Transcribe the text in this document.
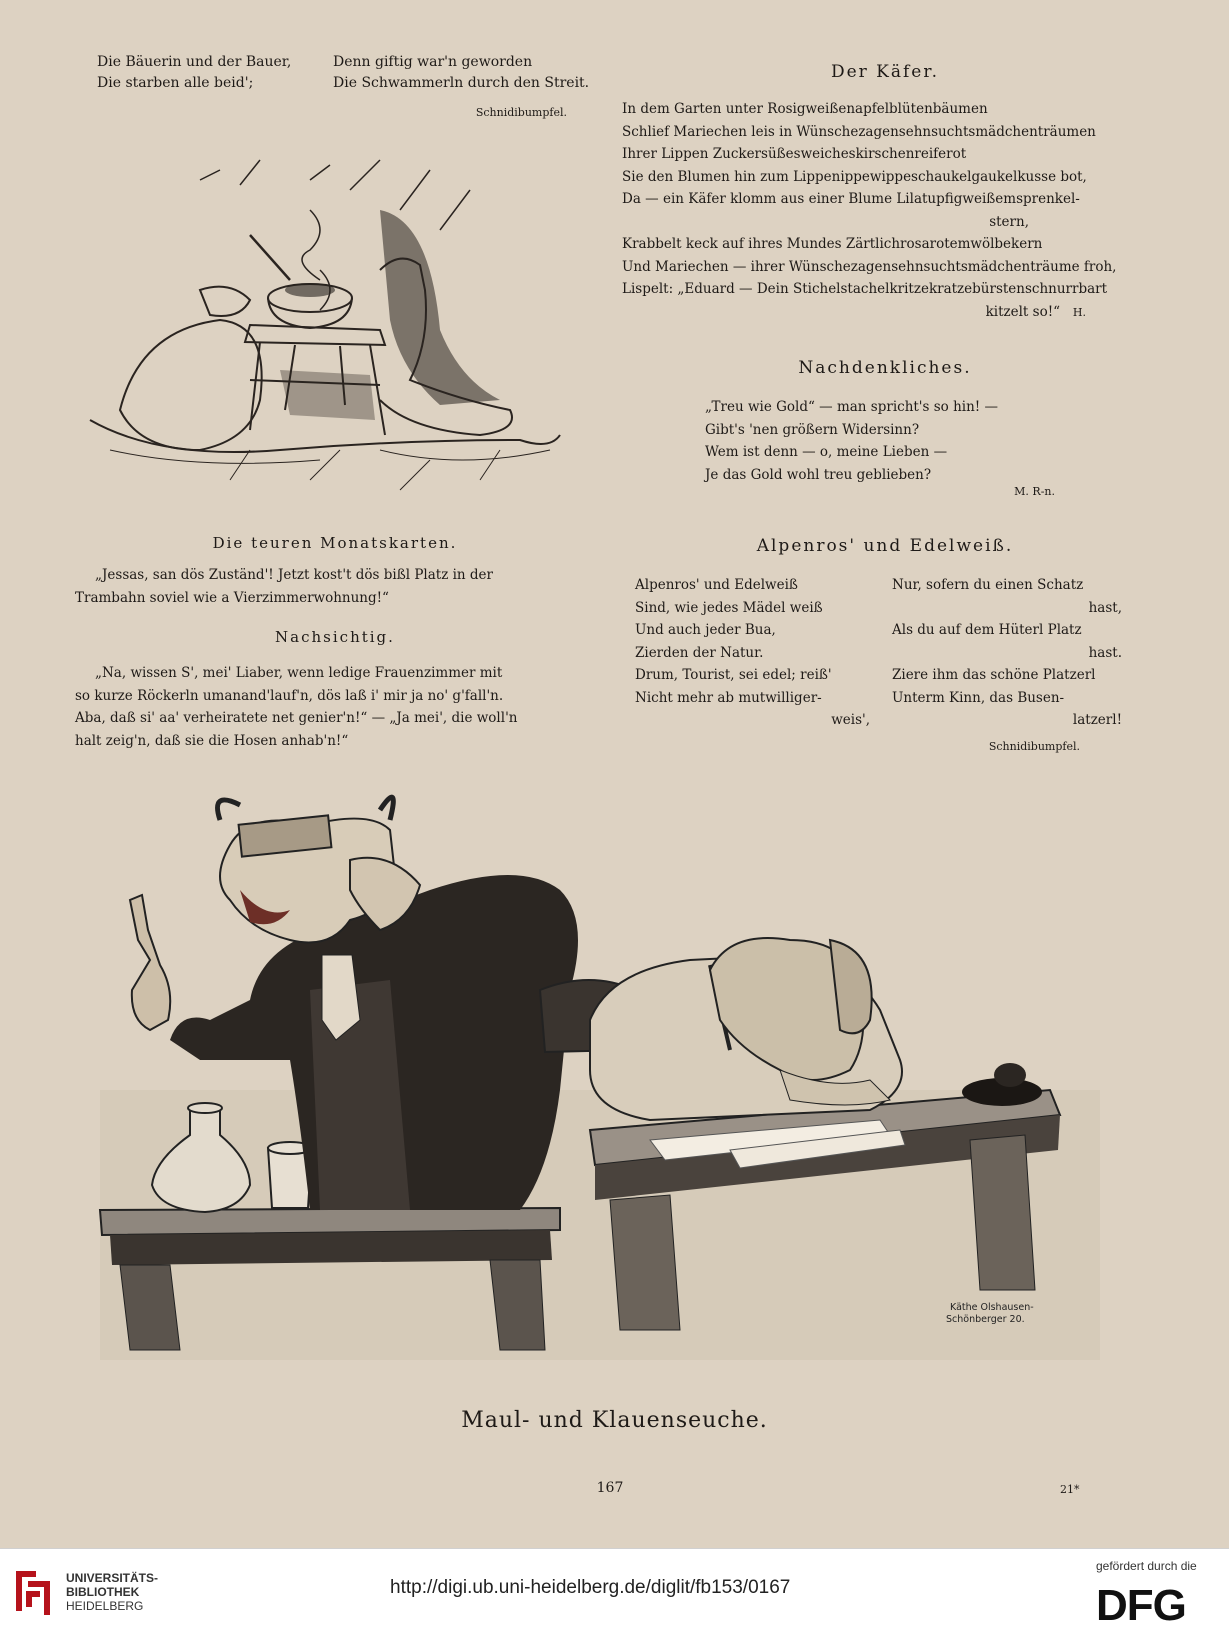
Die Bäuerin und der Bauer,
Die starben alle beid';
Denn giftig war'n geworden
Die Schwammerln durch den Streit.
Schnidibumpfel.
Der Käfer.
In dem Garten unter Rosigweißenapfelblütenbäumen
Schlief Mariechen leis in Wünschezagensehnsuchtsmädchenträumen
Ihrer Lippen Zuckersüßesweicheskirschenreiferot
Sie den Blumen hin zum Lippenippewippeschaukelgaukelkusse bot,
Da — ein Käfer klomm aus einer Blume Lilatupfigweißemsprenkel-
stern,
Krabbelt keck auf ihres Mundes Zärtlichrosarotemwölbekern
Und Mariechen — ihrer Wünschezagensehnsuchtsmädchenträume froh,
Lispelt: „Eduard — Dein Stichelstachelkritzekratzebürstenschnurrbart
kitzelt so!“ H.
Nachdenkliches.
„Treu wie Gold“ — man spricht's so hin! —
Gibt's 'nen größern Widersinn?
Wem ist denn — o, meine Lieben —
Je das Gold wohl treu geblieben?
M. R-n.
Die teuren Monatskarten.
„Jessas, san dös Zuständ'! Jetzt kost't dös bißl Platz in der
Trambahn soviel wie a Vierzimmerwohnung!“
Nachsichtig.
„Na, wissen S', mei' Liaber, wenn ledige Frauenzimmer mit
so kurze Röckerln umanand'lauf'n, dös laß i' mir ja no' g'fall'n.
Aba, daß si' aa' verheiratete net genier'n!“ — „Ja mei', die woll'n
halt zeig'n, daß sie die Hosen anhab'n!“
Alpenros' und Edelweiß.
Alpenros' und Edelweiß
Sind, wie jedes Mädel weiß
Und auch jeder Bua,
Zierden der Natur.
Drum, Tourist, sei edel; reiß'
Nicht mehr ab mutwilliger-
weis',
Nur, sofern du einen Schatz
hast,
Als du auf dem Hüterl Platz
hast.
Ziere ihm das schöne Platzerl
Unterm Kinn, das Busen-
latzerl!
Schnidibumpfel.
Käthe Olshausen-
Schönberger 20.
Maul- und Klauenseuche.
167	21*
UNIVERSITÄTS-
BIBLIOTHEK
HEIDELBERG
http://digi.ub.uni-heidelberg.de/diglit/fb153/0167
gefördert durch die
DFG
